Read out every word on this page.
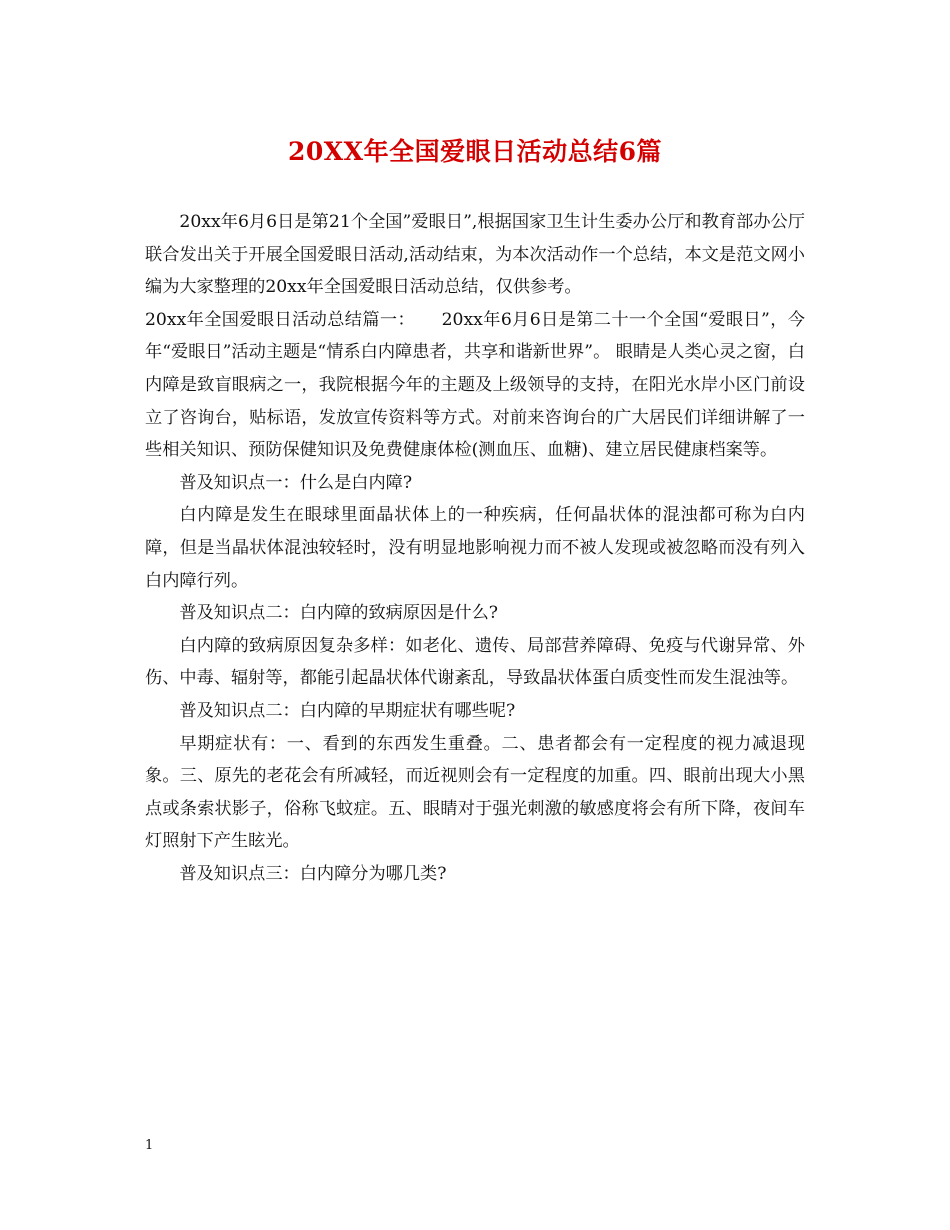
20XX年全国爱眼日活动总结6篇

20xx年6月6日是第21个全国”爱眼日”,根据国家卫生计生委办公厅和教育部办公厅联合发出关于开展全国爱眼日活动,活动结束，为本次活动作一个总结，本文是范文网小编为大家整理的20xx年全国爱眼日活动总结，仅供参考。

20xx年全国爱眼日活动总结篇一：　　20xx年6月6日是第二十一个全国“爱眼日”，今年“爱眼日”活动主题是“情系白内障患者，共享和谐新世界”。 眼睛是人类心灵之窗，白内障是致盲眼病之一，我院根据今年的主题及上级领导的支持，在阳光水岸小区门前设立了咨询台，贴标语，发放宣传资料等方式。对前来咨询台的广大居民们详细讲解了一些相关知识、预防保健知识及免费健康体检(测血压、血糖)、建立居民健康档案等。

普及知识点一：什么是白内障?

白内障是发生在眼球里面晶状体上的一种疾病，任何晶状体的混浊都可称为白内障，但是当晶状体混浊较轻时，没有明显地影响视力而不被人发现或被忽略而没有列入白内障行列。

普及知识点二：白内障的致病原因是什么?

白内障的致病原因复杂多样：如老化、遗传、局部营养障碍、免疫与代谢异常、外伤、中毒、辐射等，都能引起晶状体代谢紊乱，导致晶状体蛋白质变性而发生混浊等。

普及知识点二：白内障的早期症状有哪些呢?

早期症状有：一、看到的东西发生重叠。二、患者都会有一定程度的视力减退现象。三、原先的老花会有所减轻，而近视则会有一定程度的加重。四、眼前出现大小黑点或条索状影子，俗称飞蚊症。五、眼睛对于强光刺激的敏感度将会有所下降，夜间车灯照射下产生眩光。

普及知识点三：白内障分为哪几类?

1
